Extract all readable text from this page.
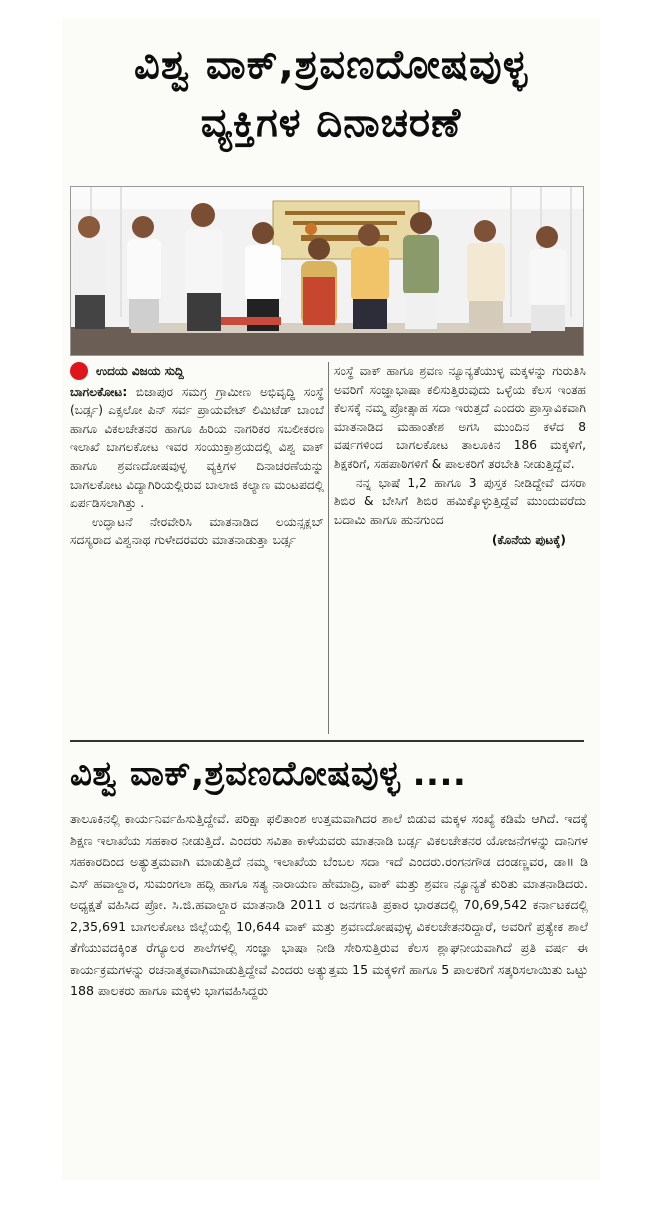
ವಿಶ್ವ ವಾಕ್,ಶ್ರವಣದೋಷವುಳ್ಳ
ವ್ಯಕ್ತಿಗಳ ದಿನಾಚರಣೆ
ಉದಯ ವಿಜಯ ಸುದ್ದಿ

ಬಾಗಲಕೋಟ: ಬಿಜಾಪುರ ಸಮಗ್ರ ಗ್ರಾಮೀಣ ಅಭಿವೃದ್ಧಿ ಸಂಸ್ಥೆ (ಬರ್ಡ್ಸ) ಎಕ್ಸಲೋ ಪಿನ್ ಸರ್ವ ಪ್ರಾಯವೇಟ್ ಲಿಮಿಟೆಡ್ ಬಾಂಬೆ ಹಾಗೂ ವಿಕಲಚೇತನರ ಹಾಗೂ ಹಿರಿಯ ನಾಗರಿಕರ ಸಬಲೀಕರಣ ಇಲಾಖೆ ಬಾಗಲಕೋಟ ಇವರ ಸಂಯುಕ್ತಾಶ್ರಯದಲ್ಲಿ ವಿಶ್ವ ವಾಕ್ ಹಾಗೂ ಶ್ರವಣದೋಷವುಳ್ಳ ವ್ಯಕ್ತಿಗಳ ದಿನಾಚರಣೆಯನ್ನು ಬಾಗಲಕೋಟ ವಿದ್ಯಾಗಿರಿಯಲ್ಲಿರುವ ಬಾಲಾಜಿ ಕಲ್ಯಾಣ ಮಂಟಪದಲ್ಲಿ ಏರ್ಪಡಿಸಲಾಗಿತ್ತು .

ಉದ್ಘಾಟನೆ ನೇರವೇರಿಸಿ ಮಾತನಾಡಿದ ಲಯನ್ಸಕ್ಲಬ್ ಸದಸ್ಯರಾದ ವಿಶ್ವನಾಥ ಗುಳೇದರವರು ಮಾತನಾಡುತ್ತಾ ಬರ್ಡ್ಸ

ಸಂಸ್ಥೆ ವಾಕ್ ಹಾಗೂ ಶ್ರವಣ ನ್ಯೂನ್ಯತೆಯುಳ್ಳ ಮಕ್ಕಳನ್ನು ಗುರುತಿಸಿ ಅವರಿಗೆ ಸಂಜ್ಞಾಭಾಷಾ ಕಲಿಸುತ್ತಿರುವುದು ಒಳ್ಳೆಯ ಕೆಲಸ ಇಂತಹ ಕೆಲಸಕ್ಕೆ ನಮ್ಮ ಪ್ರೋತ್ಸಾಹ ಸದಾ ಇರುತ್ತದೆ ಎಂದರು ಪ್ರಾಸ್ತಾವಿಕವಾಗಿ ಮಾತನಾಡಿದ ಮಹಾಂತೇಶ ಅಗಸಿ ಮುಂದಿನ ಕಳೆದ 8 ವರ್ಷಗಳಿಂದ ಬಾಗಲಕೋಟ ತಾಲೂಕಿನ 186 ಮಕ್ಕಳಿಗೆ, ಶಿಕ್ಷಕರಿಗೆ, ಸಹಪಾಠಿಗಳಿಗೆ & ಪಾಲಕರಿಗೆ ತರಬೇತಿ ನೀಡುತ್ತಿದ್ದೆವೆ.

ನನ್ನ ಭಾಷೆ 1,2 ಹಾಗೂ 3 ಪುಸ್ತಕ ನೀಡಿದ್ದೇವೆ ದಸರಾ ಶಿಬಿರ & ಬೇಸಿಗೆ ಶಿಬಿರ ಹಮಿಕ್ಕೊಳ್ಳುತ್ತಿದ್ದೆವೆ ಮುಂದುವರೆದು ಬದಾಮಿ ಹಾಗೂ ಹುನಗುಂದ

(ಕೊನೆಯ ಪುಟಕ್ಕೆ)
ವಿಶ್ವ ವಾಕ್,ಶ್ರವಣದೋಷವುಳ್ಳ ....

ತಾಲೂಕಿನಲ್ಲಿ ಕಾರ್ಯನಿರ್ವಹಿಸುತ್ತಿದ್ದೇವೆ. ಪರಿಕ್ಷಾ ಫಲಿತಾಂಶ ಉತ್ತಮವಾಗಿದರ ಶಾಲೆ ಬಿಡುವ ಮಕ್ಕಳ ಸಂಖ್ಯೆ ಕಡಿಮೆ ಆಗಿದೆ. ಇದಕ್ಕೆ ಶಿಕ್ಷಣ ಇಲಾಖೆಯ ಸಹಕಾರ ನೀಡುತ್ತಿದೆ. ಎಂದರು ಸವಿತಾ ಕಾಳೆಯವರು ಮಾತನಾಡಿ ಬರ್ಡ್ಸ ವಿಕಲಚೇತನರ ಯೋಜನೆಗಳನ್ನು ದಾನಿಗಳ ಸಹಕಾರದಿಂದ ಅತ್ಯುತ್ತಮವಾಗಿ ಮಾಡುತ್ತಿದೆ ನಮ್ಮ ಇಲಾಖೆಯ ಬೆಂಬಲ ಸದಾ ಇದೆ ಎಂದರು.ರಂಗನಗೌಡ ದಂಡಣ್ಣವರ, ಡಾ॥ ಡಿ ಎಸ್ ಹವಾಲ್ದಾರ, ಸುಮಂಗಲಾ ಹದ್ಲಿ ಹಾಗೂ ಸತ್ಯ ನಾರಾಯಣ ಹೇಮಾದ್ರಿ, ವಾಕ್ ಮತ್ತು ಶ್ರವಣ ನ್ಯೂನ್ಯತೆ ಕುರಿತು ಮಾತನಾಡಿದರು. ಅಧ್ಯಕ್ಷತೆ ವಹಿಸಿದ ಪ್ರೋ. ಸಿ.ಜಿ.ಹವಾಲ್ದಾರ ಮಾತನಾಡಿ 2011 ರ ಜನಗಣತಿ ಪ್ರಕಾರ ಭಾರತದಲ್ಲಿ 70,69,542 ಕರ್ನಾಟಕದಲ್ಲಿ 2,35,691 ಬಾಗಲಕೋಟ ಜಿಲ್ಲೆಯಲ್ಲಿ 10,644 ವಾಕ್ ಮತ್ತು ಶ್ರವಣದೋಷವುಳ್ಳ ವಿಕಲಚೇತನರಿದ್ದಾರೆ, ಅವರಿಗೆ ಪ್ರತ್ಯೇಕ ಶಾಲೆ ತೆಗೆಯುವದಕ್ಕಿಂತ ರೆಗ್ಯೂಲರ ಶಾಲೆಗಳಲ್ಲಿ ಸಂಜ್ಞಾ ಭಾಷಾ ನೀಡಿ ಸೇರಿಸುತ್ತಿರುವ ಕೆಲಸ ಶ್ಲಾಘನೀಯವಾಗಿದೆ ಪ್ರತಿ ವರ್ಷ ಈ ಕಾರ್ಯಕ್ರಮಗಳನ್ನು ರಚನಾತ್ಮಕವಾಗಿಮಾಡುತ್ತಿದ್ದೇವೆ ಎಂದರು ಅತ್ಯುತ್ತಮ 15 ಮಕ್ಕಳಿಗೆ ಹಾಗೂ 5 ಪಾಲಕರಿಗೆ ಸತ್ಕರಿಸಲಾಯಿತು ಒಟ್ಟು 188 ಪಾಲಕರು ಹಾಗೂ ಮಕ್ಕಳು ಭಾಗವಹಿಸಿದ್ದರು
